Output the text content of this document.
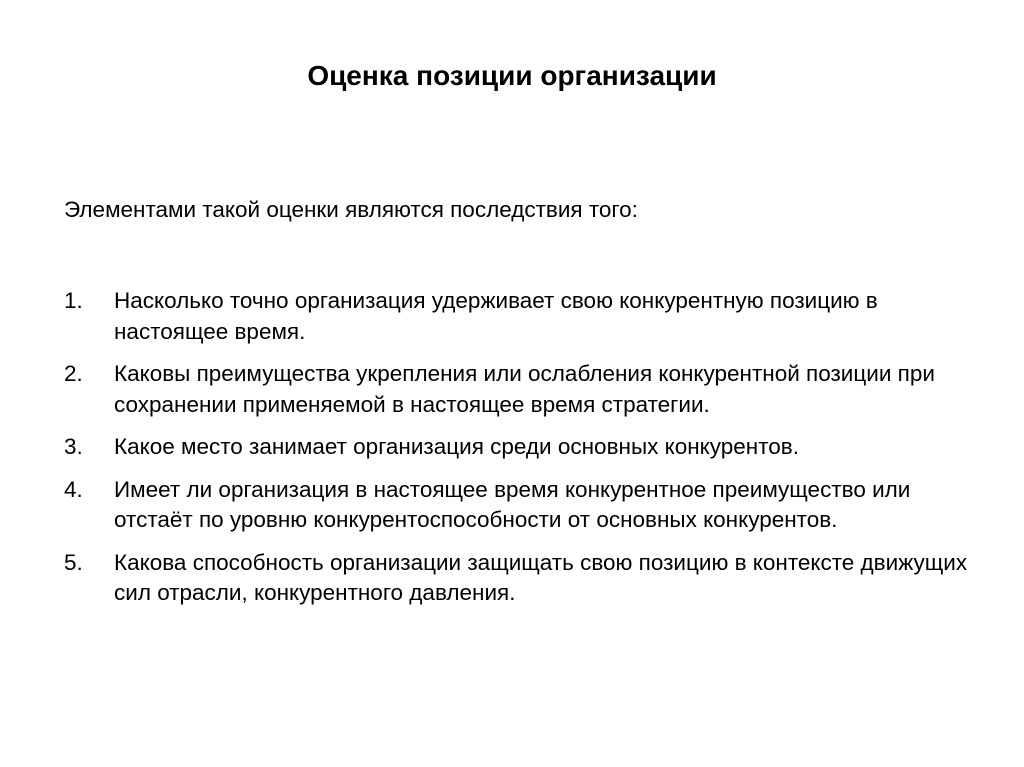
Оценка позиции организации
Элементами такой оценки являются последствия того:
1. Насколько точно организация удерживает свою конкурентную позицию в настоящее время.
2. Каковы преимущества укрепления или ослабления конкурентной позиции при сохранении применяемой в настоящее время стратегии.
3. Какое место занимает организация среди основных конкурентов.
4. Имеет ли организация в настоящее время конкурентное преимущество или отстаёт по уровню конкурентоспособности от основных конкурентов.
5. Какова способность организации защищать свою позицию в контексте движущих сил отрасли, конкурентного давления.
